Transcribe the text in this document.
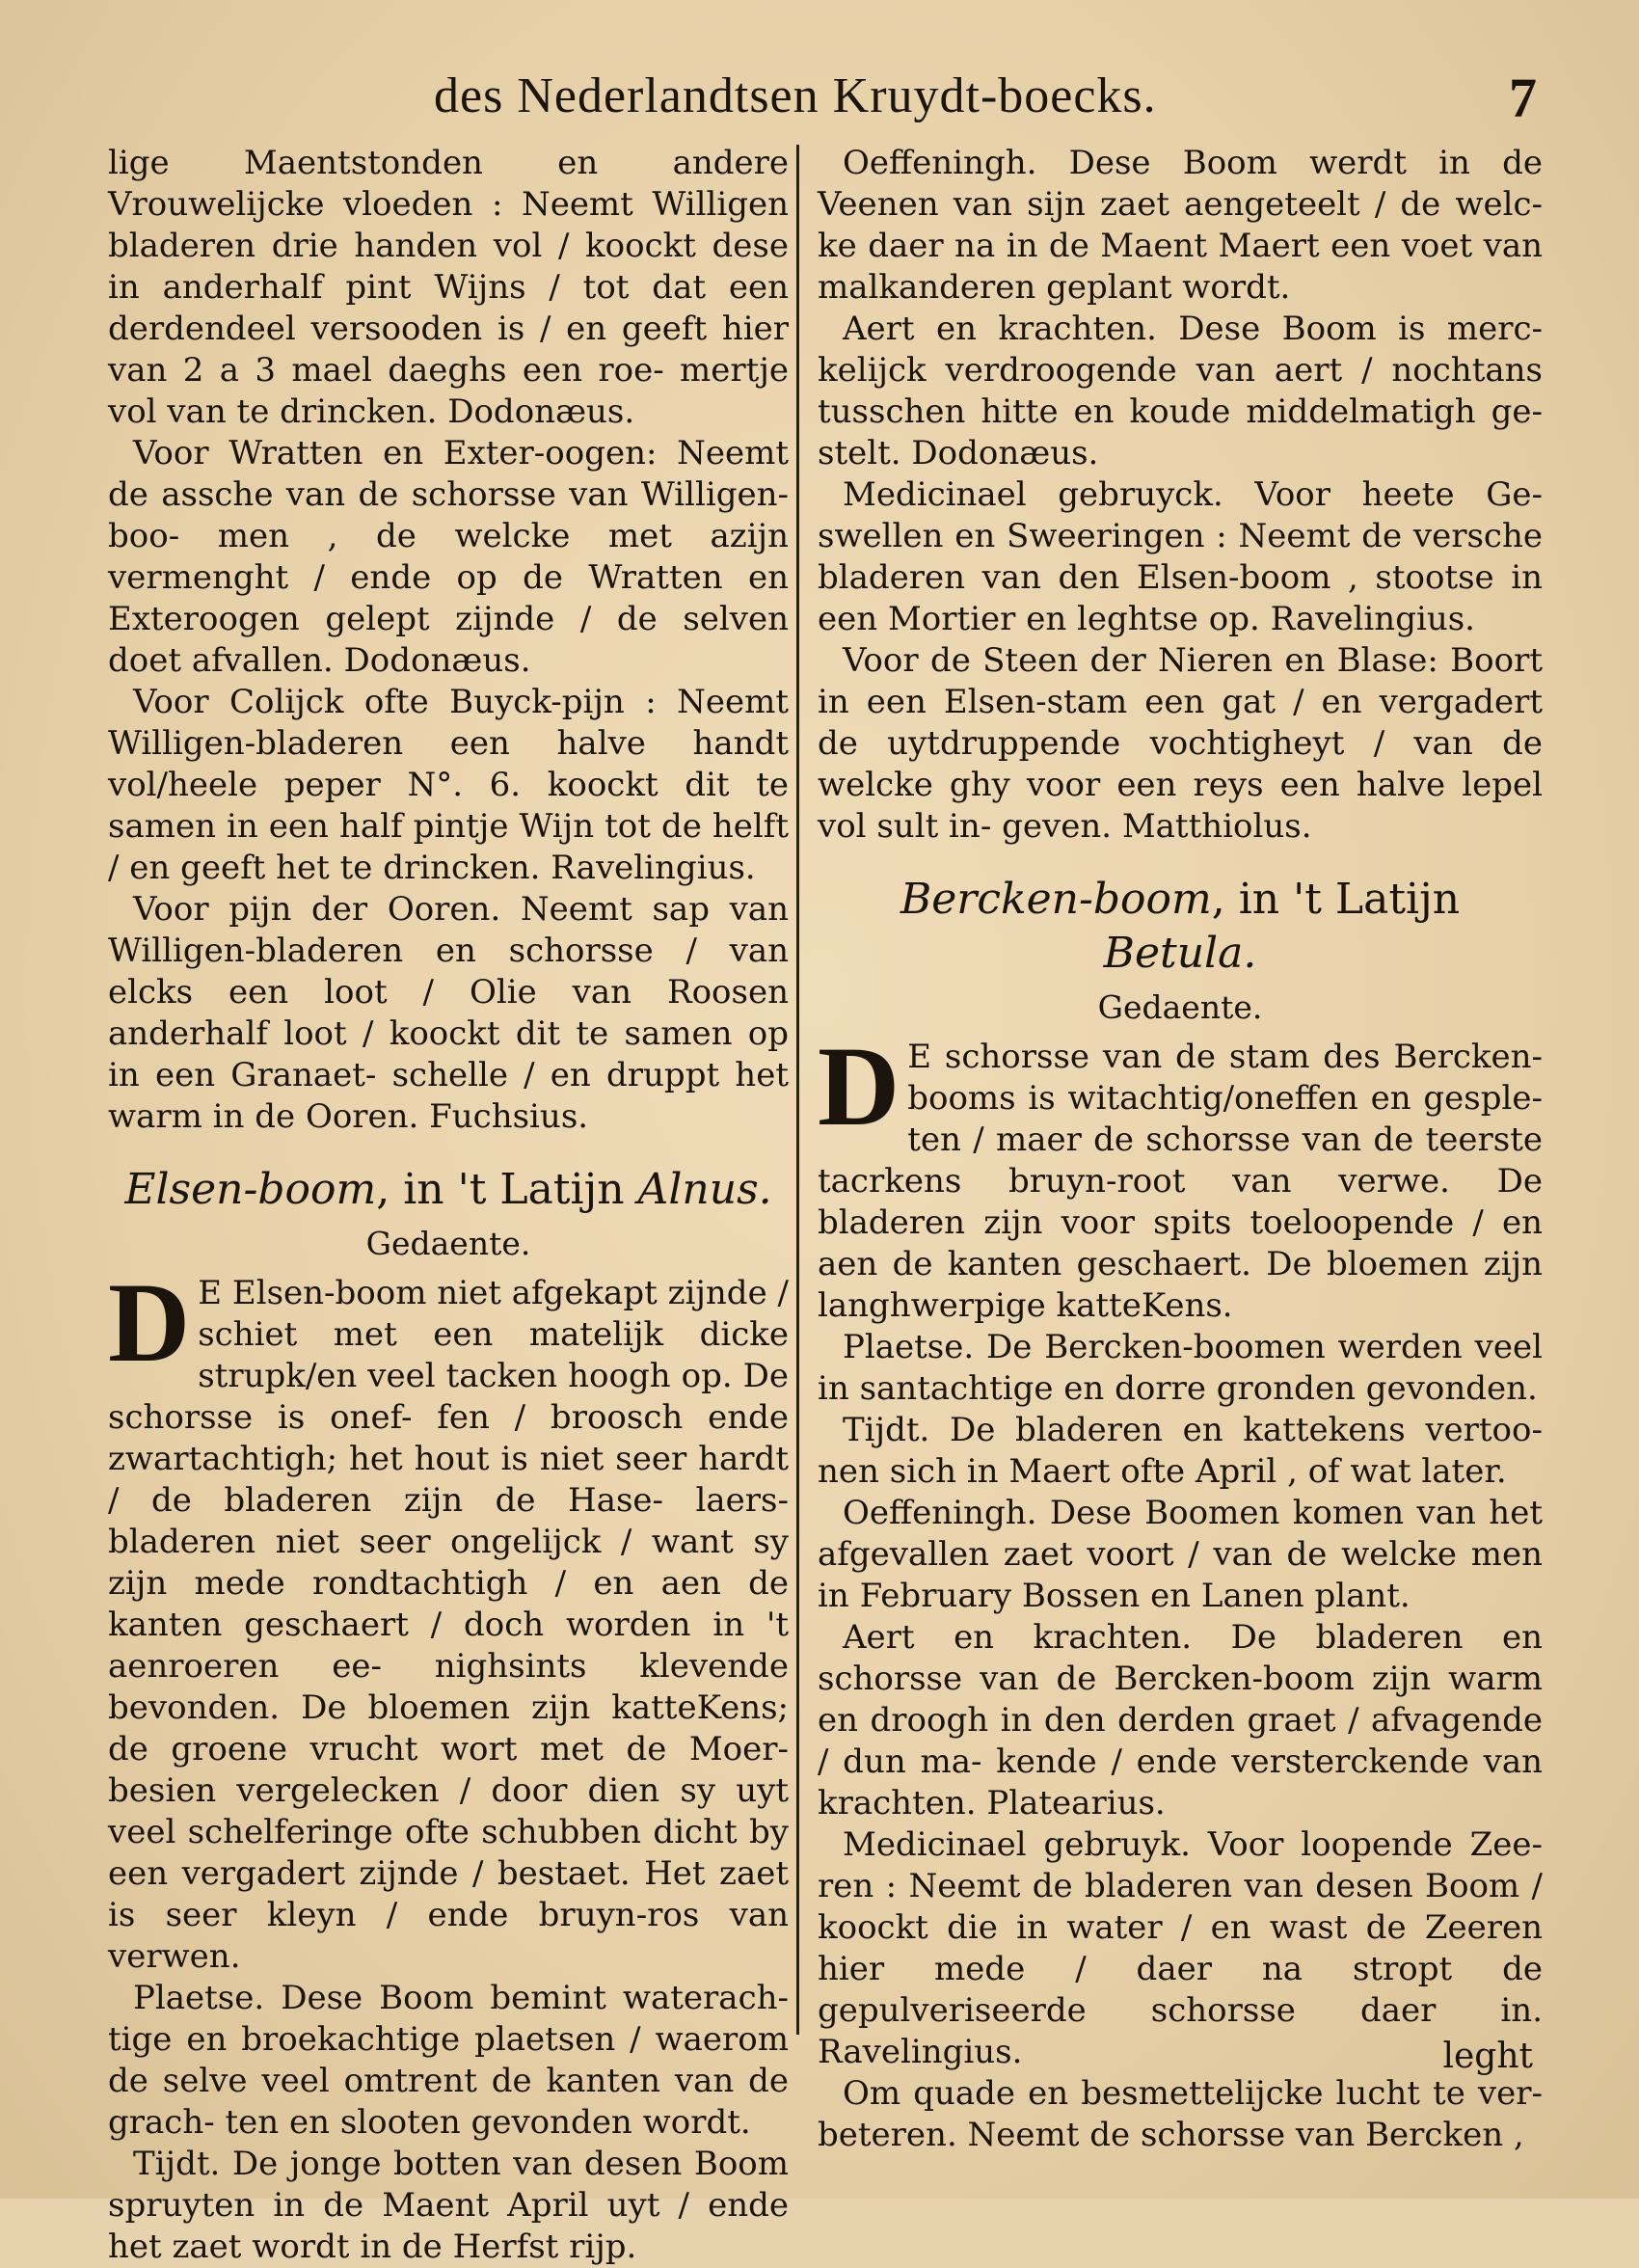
des Nederlandtsen Kruydt-boecks.	7

lige Maentstonden en andere Vrouwelijcke vloeden : Neemt Willigen bladeren drie handen vol / koockt dese in anderhalf pint Wijns / tot dat een derdendeel versooden is / en geeft hier van 2 a 3 mael daeghs een roe- mertje vol van te drincken. Dodonæus.

Voor Wratten en Exter-oogen: Neemt de assche van de schorsse van Willigen-boo- men , de welcke met azijn vermenght / ende op de Wratten en Exteroogen gelept zijnde / de selven doet afvallen. Dodonæus.

Voor Colijck ofte Buyck-pijn : Neemt Willigen-bladeren een halve handt vol/heele peper N°. 6. koockt dit te samen in een half pintje Wijn tot de helft / en geeft het te drincken. Ravelingius.

Voor pijn der Ooren. Neemt sap van Willigen-bladeren en schorsse / van elcks een loot / Olie van Roosen anderhalf loot / koockt dit te samen op in een Granaet- schelle / en druppt het warm in de Ooren. Fuchsius.

Elsen-boom, in 't Latijn Alnus.
Gedaente.

D E Elsen-boom niet afgekapt zijnde / schiet met een matelijk dicke strupk/en veel tacken hoogh op. De schorsse is onef- fen / broosch ende zwartachtigh; het hout is niet seer hardt / de bladeren zijn de Hase- laers-bladeren niet seer ongelijck / want sy zijn mede rondtachtigh / en aen de kanten geschaert / doch worden in 't aenroeren ee- nighsints klevende bevonden. De bloemen zijn katteKens; de groene vrucht wort met de Moer-besien vergelecken / door dien sy uyt veel schelferinge ofte schubben dicht by een vergadert zijnde / bestaet. Het zaet is seer kleyn / ende bruyn-ros van verwen.

Plaetse. Dese Boom bemint waterach- tige en broekachtige plaetsen / waerom de selve veel omtrent de kanten van de grach- ten en slooten gevonden wordt.

Tijdt. De jonge botten van desen Boom spruyten in de Maent April uyt / ende het zaet wordt in de Herfst rijp.

Oeffeningh. Dese Boom werdt in de Veenen van sijn zaet aengeteelt / de welc- ke daer na in de Maent Maert een voet van malkanderen geplant wordt.

Aert en krachten. Dese Boom is merc- kelijck verdroogende van aert / nochtans tusschen hitte en koude middelmatigh ge- stelt. Dodonæus.

Medicinael gebruyck. Voor heete Ge- swellen en Sweeringen : Neemt de versche bladeren van den Elsen-boom , stootse in een Mortier en leghtse op. Ravelingius.

Voor de Steen der Nieren en Blase: Boort in een Elsen-stam een gat / en vergadert de uytdruppende vochtigheyt / van de welcke ghy voor een reys een halve lepel vol sult in- geven. Matthiolus.

Bercken-boom, in 't Latijn Betula.
Gedaente.

D E schorsse van de stam des Bercken- booms is witachtig/oneffen en gesple- ten / maer de schorsse van de teerste tacrkens bruyn-root van verwe. De bladeren zijn voor spits toeloopende / en aen de kanten geschaert. De bloemen zijn langhwerpige katteKens.

Plaetse. De Bercken-boomen werden veel in santachtige en dorre gronden gevonden.

Tijdt. De bladeren en kattekens vertoo- nen sich in Maert ofte April , of wat later.

Oeffeningh. Dese Boomen komen van het afgevallen zaet voort / van de welcke men in February Bossen en Lanen plant.

Aert en krachten. De bladeren en schorsse van de Bercken-boom zijn warm en droogh in den derden graet / afvagende / dun ma- kende / ende versterckende van krachten. Platearius.

Medicinael gebruyk. Voor loopende Zee- ren : Neemt de bladeren van desen Boom / koockt die in water / en wast de Zeeren hier mede / daer na stropt de gepulveriseerde schorsse daer in. Ravelingius.

Om quade en besmettelijcke lucht te ver- beteren. Neemt de schorsse van Bercken ,

leght
